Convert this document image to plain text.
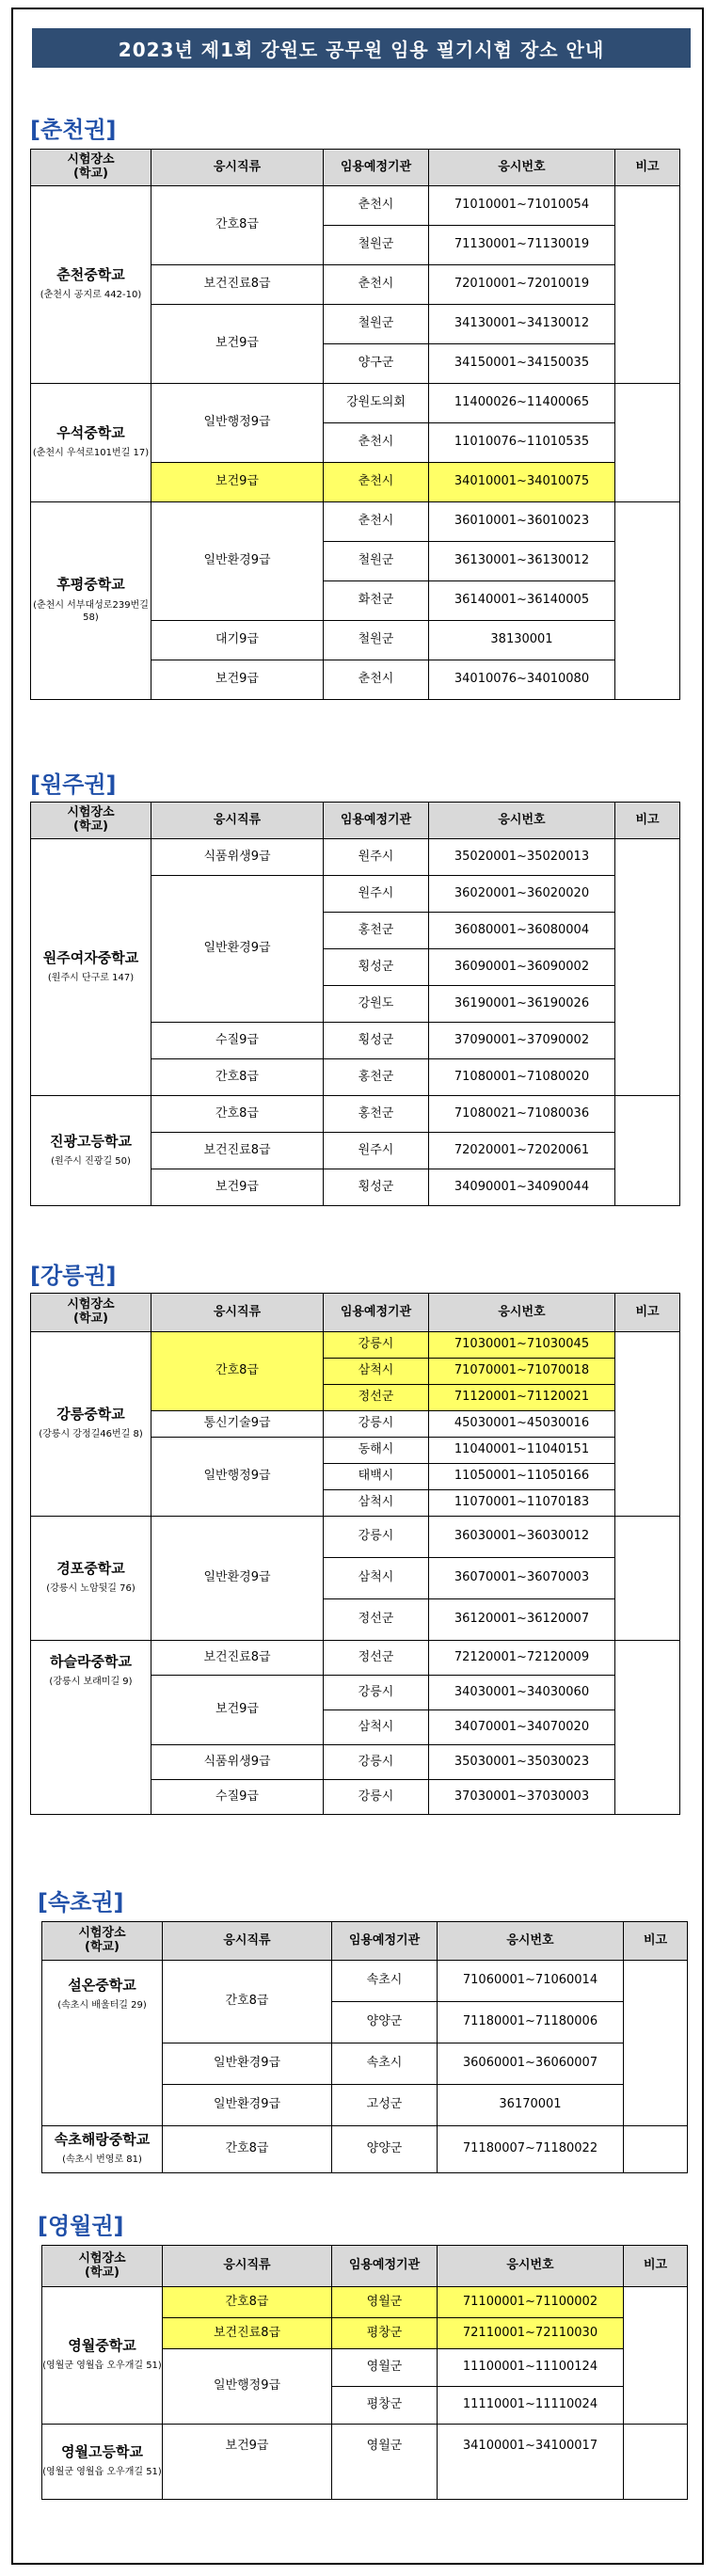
2023년 제1회 강원도 공무원 임용 필기시험 장소 안내
[춘천권]
시험장소
(학교)	응시직류	임용예정기관	응시번호	비고

춘천중학교
(춘천시 공지로 442-10)	간호8급	춘천시	71010001~71010054	
		철원군	71130001~71130019	
	보건진료8급	춘천시	72010001~72010019	
	보건9급	철원군	34130001~34130012	
		양구군	34150001~34150035	

우석중학교
(춘천시 우석로101번길 17)	일반행정9급	강원도의회	11400026~11400065	
		춘천시	11010076~11010535	
	보건9급	춘천시	34010001~34010075	

후평중학교
(춘천시 서부대성로239번길 58)	일반환경9급	춘천시	36010001~36010023	
		철원군	36130001~36130012	
		화천군	36140001~36140005	
	대기9급	철원군	38130001	
	보건9급	춘천시	34010076~34010080	
[원주권]
시험장소
(학교)	응시직류	임용예정기관	응시번호	비고

원주여자중학교
(원주시 단구로 147)	식품위생9급	원주시	35020001~35020013	
	일반환경9급	원주시	36020001~36020020	
		홍천군	36080001~36080004	
		횡성군	36090001~36090002	
		강원도	36190001~36190026	
	수질9급	횡성군	37090001~37090002	
	간호8급	홍천군	71080001~71080020	

진광고등학교
(원주시 진광길 50)	간호8급	홍천군	71080021~71080036	
	보건진료8급	원주시	72020001~72020061	
	보건9급	횡성군	34090001~34090044	
[강릉권]
시험장소
(학교)	응시직류	임용예정기관	응시번호	비고

강릉중학교
(강릉시 강정길46번길 8)	간호8급	강릉시	71030001~71030045	
		삼척시	71070001~71070018	
		정선군	71120001~71120021	
	통신기술9급	강릉시	45030001~45030016	
	일반행정9급	동해시	11040001~11040151	
		태백시	11050001~11050166	
		삼척시	11070001~11070183	

경포중학교
(강릉시 노암뒷길 76)	일반환경9급	강릉시	36030001~36030012	
		삼척시	36070001~36070003	
		정선군	36120001~36120007	

하슬라중학교
(강릉시 보래미길 9)	보건진료8급	정선군	72120001~72120009	
	보건9급	강릉시	34030001~34030060	
		삼척시	34070001~34070020	
	식품위생9급	강릉시	35030001~35030023	
	수질9급	강릉시	37030001~37030003	
[속초권]
시험장소
(학교)	응시직류	임용예정기관	응시번호	비고

설온중학교
(속초시 배울터길 29)	간호8급	속초시	71060001~71060014	
		양양군	71180001~71180006	
	일반환경9급	속초시	36060001~36060007	
	일반환경9급	고성군	36170001	

속초해랑중학교
(속초시 번영로 81)	간호8급	양양군	71180007~71180022	
[영월권]
시험장소
(학교)	응시직류	임용예정기관	응시번호	비고

영월중학교
(영월군 영월읍 오우개길 51)	간호8급	영월군	71100001~71100002	
	보건진료8급	평창군	72110001~72110030	
	일반행정9급	영월군	11100001~11100124	
		평창군	11110001~11110024	

영월고등학교
(영월군 영월읍 오우개길 51)	보건9급	영월군	34100001~34100017	
